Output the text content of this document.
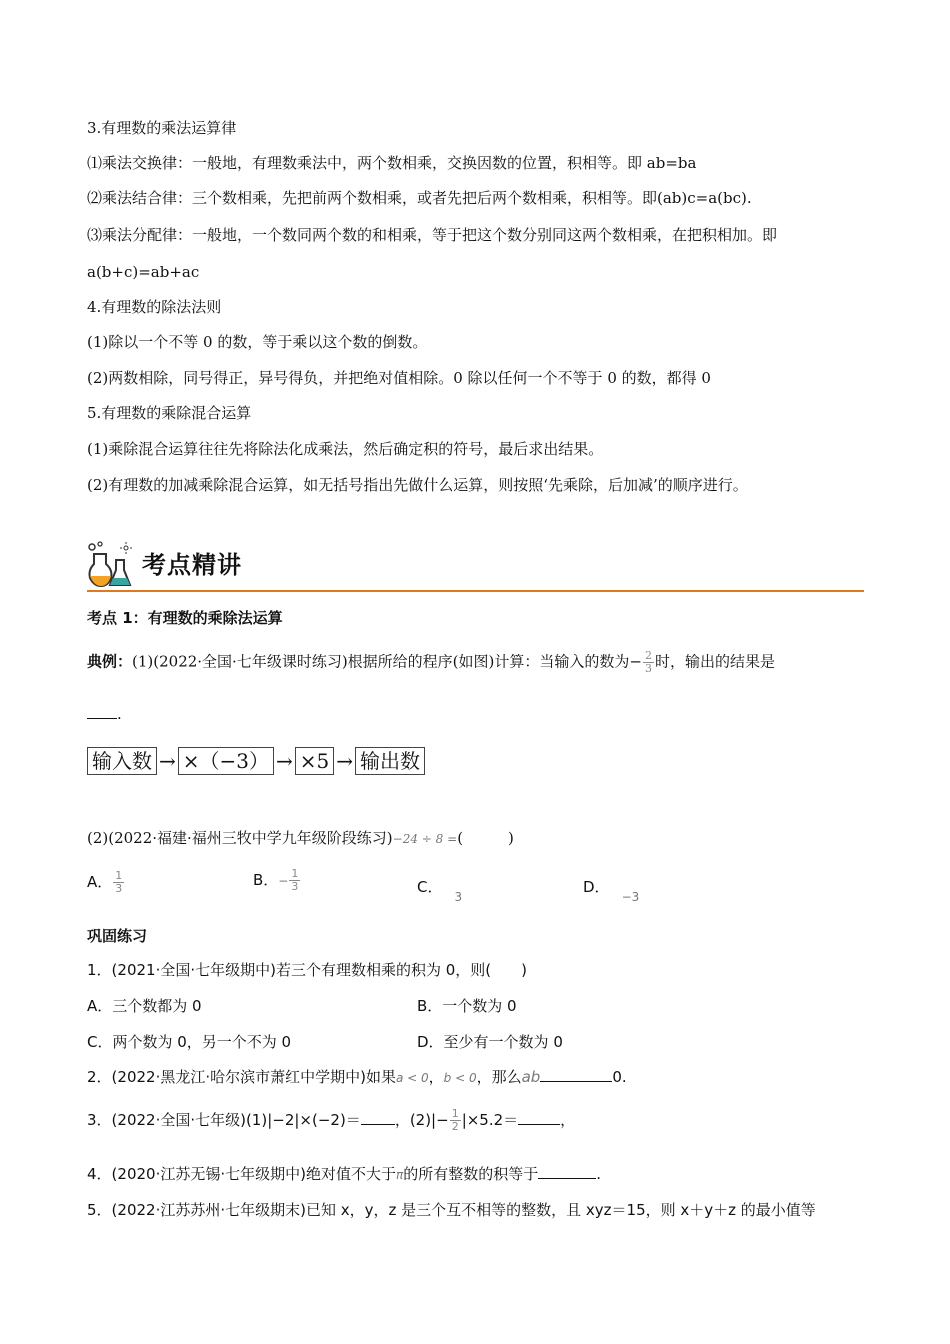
3.有理数的乘法运算律
⑴乘法交换律：一般地，有理数乘法中，两个数相乘，交换因数的位置，积相等。即 ab=ba
⑵乘法结合律：三个数相乘，先把前两个数相乘，或者先把后两个数相乘，积相等。即(ab)c=a(bc).
⑶乘法分配律：一般地，一个数同两个数的和相乘，等于把这个数分别同这两个数相乘，在把积相加。即
a(b+c)=ab+ac
4.有理数的除法法则
(1)除以一个不等 0 的数，等于乘以这个数的倒数。
(2)两数相除，同号得正，异号得负，并把绝对值相除。0 除以任何一个不等于 0 的数，都得 0
5.有理数的乘除混合运算
(1)乘除混合运算往往先将除法化成乘法，然后确定积的符号，最后求出结果。
(2)有理数的加减乘除混合运算，如无括号指出先做什么运算，则按照‘先乘除，后加减’的顺序进行。
考点精讲
考点 1：有理数的乘除法运算
典例：(1)(2022·全国·七年级课时练习)根据所给的程序(如图)计算：当输入的数为− $\frac{2}{3}$ 时，输出的结果是
.
输入数 → ×（−3） → ×5 → 输出数
(2)(2022·福建·福州三牧中学九年级阶段练习)−24 ÷ 8 =(　　　)
A． $\frac{1}{3}$	B．− $\frac{1}{3}$	C．$_3$
D．$_{-3}$
巩固练习
1．(2021·全国·七年级期中)若三个有理数相乘的积为 0，则(　　)
A．三个数都为 0	B．一个数为 0
C．两个数为 0，另一个不为 0	D．至少有一个数为 0
2．(2022·黑龙江·哈尔滨市萧红中学期中)如果a < 0，b < 0，那么ab	0.
3．(2022·全国·七年级)(1)|−2|×(−2)＝ ，$(2)|- \frac{1}{2} |\times 5.2=$	，
4．(2020·江苏无锡·七年级期中)绝对值不大于π的所有整数的积等于	.
5．(2022·江苏苏州·七年级期末)已知 x，y，z 是三个互不相等的整数，且 xyz＝15，则 x＋y＋z 的最小值等
